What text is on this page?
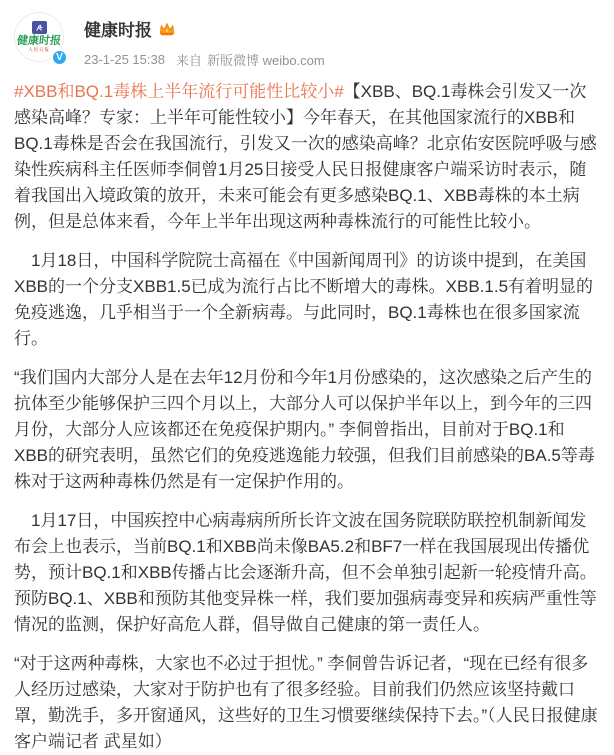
健康时报
人民日报
V
健康时报
23-1-25 15:38 来自 新版微博 weibo.com

#XBB和BQ.1毒株上半年流行可能性比较小#【XBB、BQ.1毒株会引发又一次感染高峰？专家：上半年可能性较小】今年春天，在其他国家流行的XBB和BQ.1毒株是否会在我国流行，引发又一次的感染高峰？北京佑安医院呼吸与感染性疾病科主任医师李侗曾1月25日接受人民日报健康客户端采访时表示，随着我国出入境政策的放开，未来可能会有更多感染BQ.1、XBB毒株的本土病例，但是总体来看，今年上半年出现这两种毒株流行的可能性比较小。

　1月18日，中国科学院院士高福在《中国新闻周刊》的访谈中提到，在美国XBB的一个分支XBB1.5已成为流行占比不断增大的毒株。XBB.1.5有着明显的免疫逃逸，几乎相当于一个全新病毒。与此同时，BQ.1毒株也在很多国家流行。

“我们国内大部分人是在去年12月份和今年1月份感染的，这次感染之后产生的抗体至少能够保护三四个月以上，大部分人可以保护半年以上，到今年的三四月份，大部分人应该都还在免疫保护期内。” 李侗曾指出，目前对于BQ.1和XBB的研究表明，虽然它们的免疫逃逸能力较强，但我们目前感染的BA.5等毒株对于这两种毒株仍然是有一定保护作用的。

　1月17日，中国疾控中心病毒病所所长许文波在国务院联防联控机制新闻发布会上也表示，当前BQ.1和XBB尚未像BA5.2和BF7一样在我国展现出传播优势，预计BQ.1和XBB传播占比会逐渐升高，但不会单独引起新一轮疫情升高。预防BQ.1、XBB和预防其他变异株一样，我们要加强病毒变异和疾病严重性等情况的监测，保护好高危人群，倡导做自己健康的第一责任人。

“对于这两种毒株，大家也不必过于担忧。” 李侗曾告诉记者，“现在已经有很多人经历过感染，大家对于防护也有了很多经验。目前我们仍然应该坚持戴口罩，勤洗手，多开窗通风，这些好的卫生习惯要继续保持下去。”（人民日报健康客户端记者 武星如）
